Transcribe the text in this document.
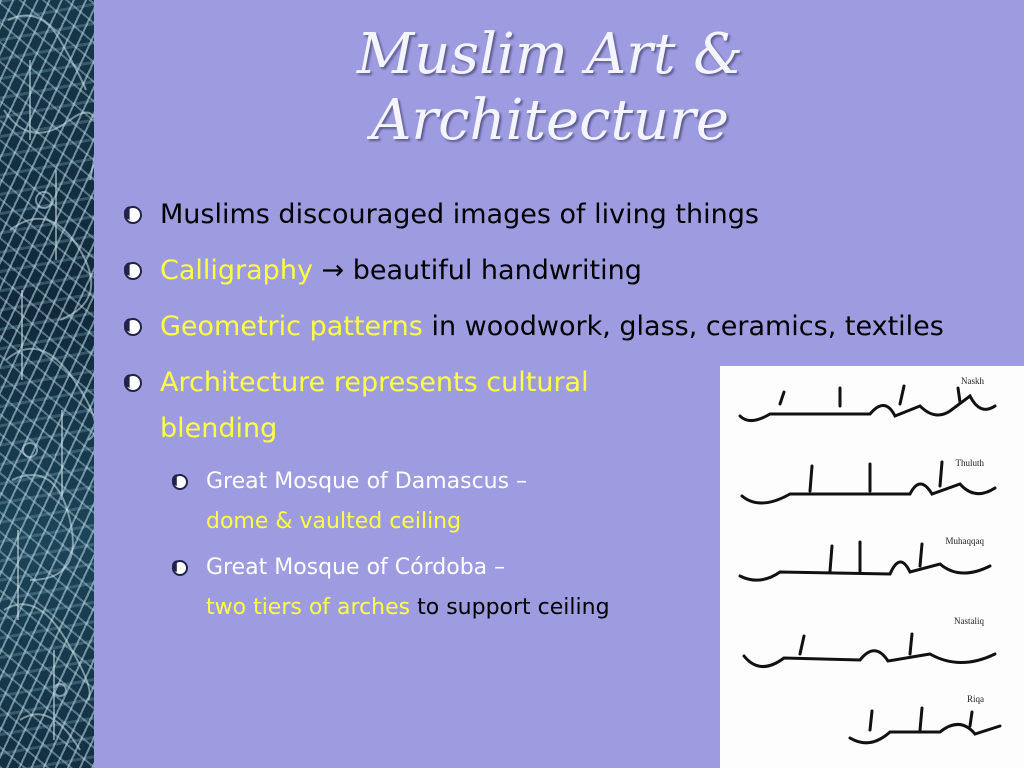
Muslim Art &
Architecture
Muslims discouraged images of living things
Calligraphy → beautiful handwriting
Geometric patterns in woodwork, glass, ceramics, textiles
Architecture represents cultural blending
Great Mosque of Damascus –
dome & vaulted ceiling
Great Mosque of Córdoba –
two tiers of arches to support ceiling
Naskh
Thuluth
Muhaqqaq
Nastaliq
Riqa
